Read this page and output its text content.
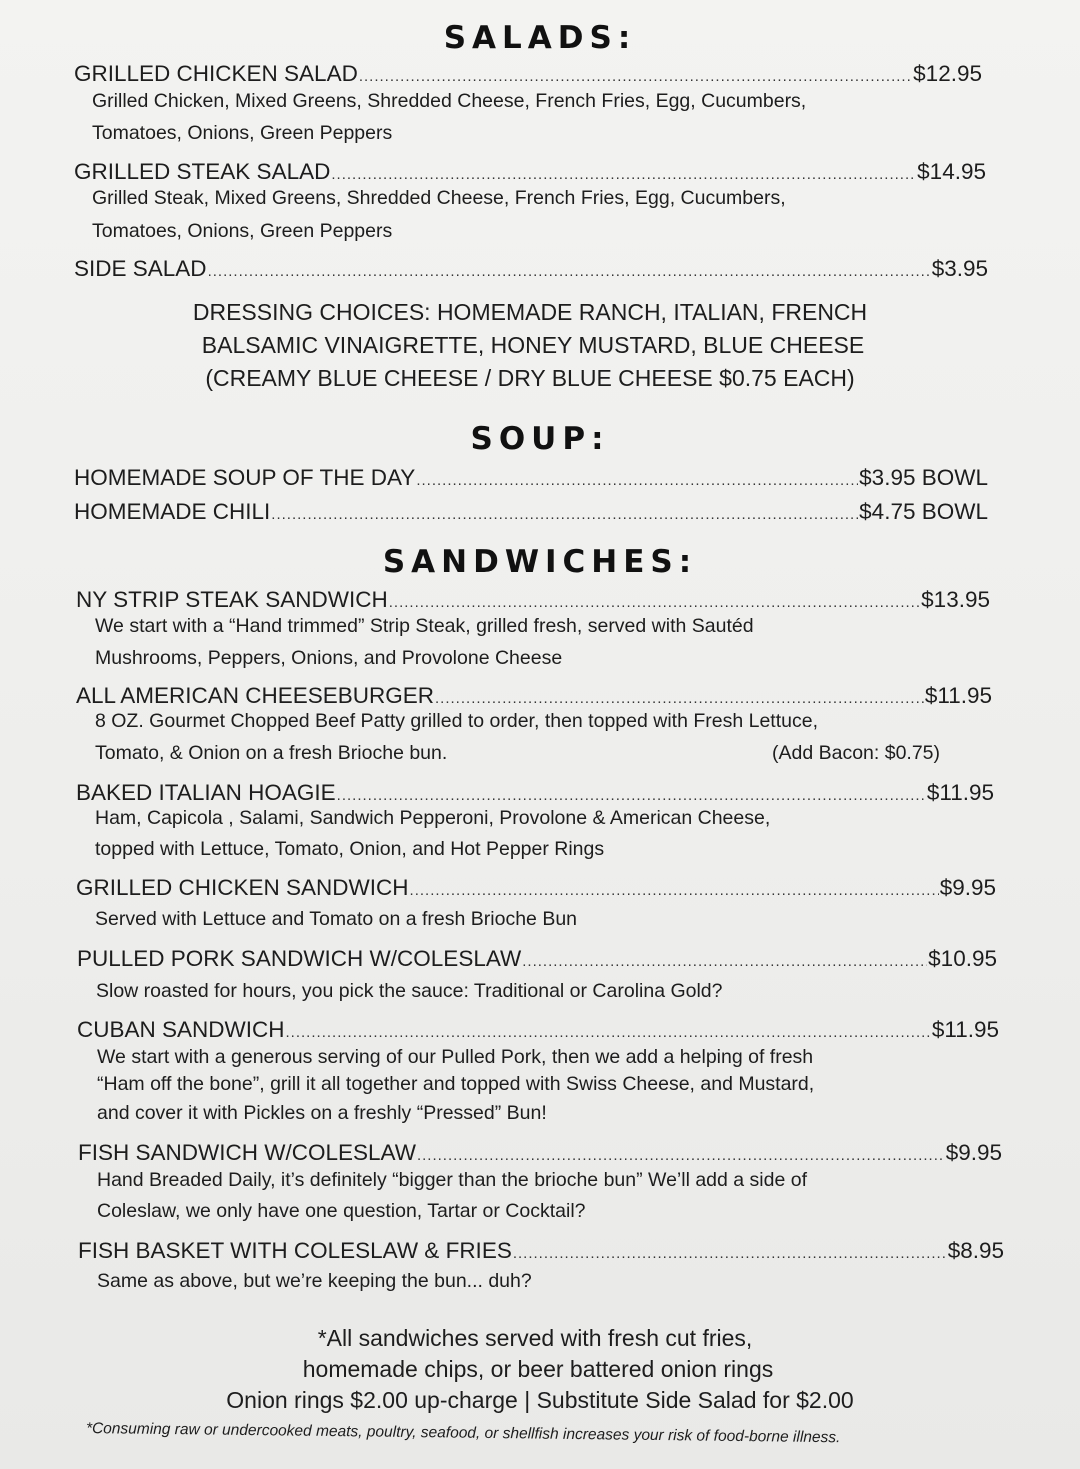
SALADS:
GRILLED CHICKEN SALAD .....	$12.95
Grilled Chicken, Mixed Greens, Shredded Cheese, French Fries, Egg, Cucumbers,
Tomatoes, Onions, Green Peppers
GRILLED STEAK SALAD .....	$14.95
Grilled Steak, Mixed Greens, Shredded Cheese, French Fries, Egg, Cucumbers,
Tomatoes, Onions, Green Peppers
SIDE SALAD .....	$3.95
DRESSING CHOICES: HOMEMADE RANCH, ITALIAN, FRENCH
BALSAMIC VINAIGRETTE, HONEY MUSTARD, BLUE CHEESE
(CREAMY BLUE CHEESE / DRY BLUE CHEESE $0.75 EACH)
SOUP:
HOMEMADE SOUP OF THE DAY .....	$3.95 BOWL
HOMEMADE CHILI .....	$4.75 BOWL
SANDWICHES:
NY STRIP STEAK SANDWICH .....	$13.95
We start with a “Hand trimmed” Strip Steak, grilled fresh, served with Sautéd
Mushrooms, Peppers, Onions, and Provolone Cheese
ALL AMERICAN CHEESEBURGER .....	$11.95
8 OZ. Gourmet Chopped Beef Patty grilled to order, then topped with Fresh Lettuce,
Tomato, & Onion on a fresh Brioche bun.	(Add Bacon: $0.75)
BAKED ITALIAN HOAGIE .....	$11.95
Ham, Capicola , Salami, Sandwich Pepperoni, Provolone & American Cheese,
topped with Lettuce, Tomato, Onion, and Hot Pepper Rings
GRILLED CHICKEN SANDWICH .....	$9.95
Served with Lettuce and Tomato on a fresh Brioche Bun
PULLED PORK SANDWICH W/COLESLAW .....	$10.95
Slow roasted for hours, you pick the sauce: Traditional or Carolina Gold?
CUBAN SANDWICH .....	$11.95
We start with a generous serving of our Pulled Pork, then we add a helping of fresh
“Ham off the bone”, grill it all together and topped with Swiss Cheese, and Mustard,
and cover it with Pickles on a freshly “Pressed” Bun!
FISH SANDWICH W/COLESLAW .....	$9.95
Hand Breaded Daily, it’s definitely “bigger than the brioche bun” We’ll add a side of
Coleslaw, we only have one question, Tartar or Cocktail?
FISH BASKET WITH COLESLAW & FRIES .....	$8.95
Same as above, but we’re keeping the bun... duh?
*All sandwiches served with fresh cut fries,
homemade chips, or beer battered onion rings
Onion rings $2.00 up-charge | Substitute Side Salad for $2.00
*Consuming raw or undercooked meats, poultry, seafood, or shellfish increases your risk of food-borne illness.
